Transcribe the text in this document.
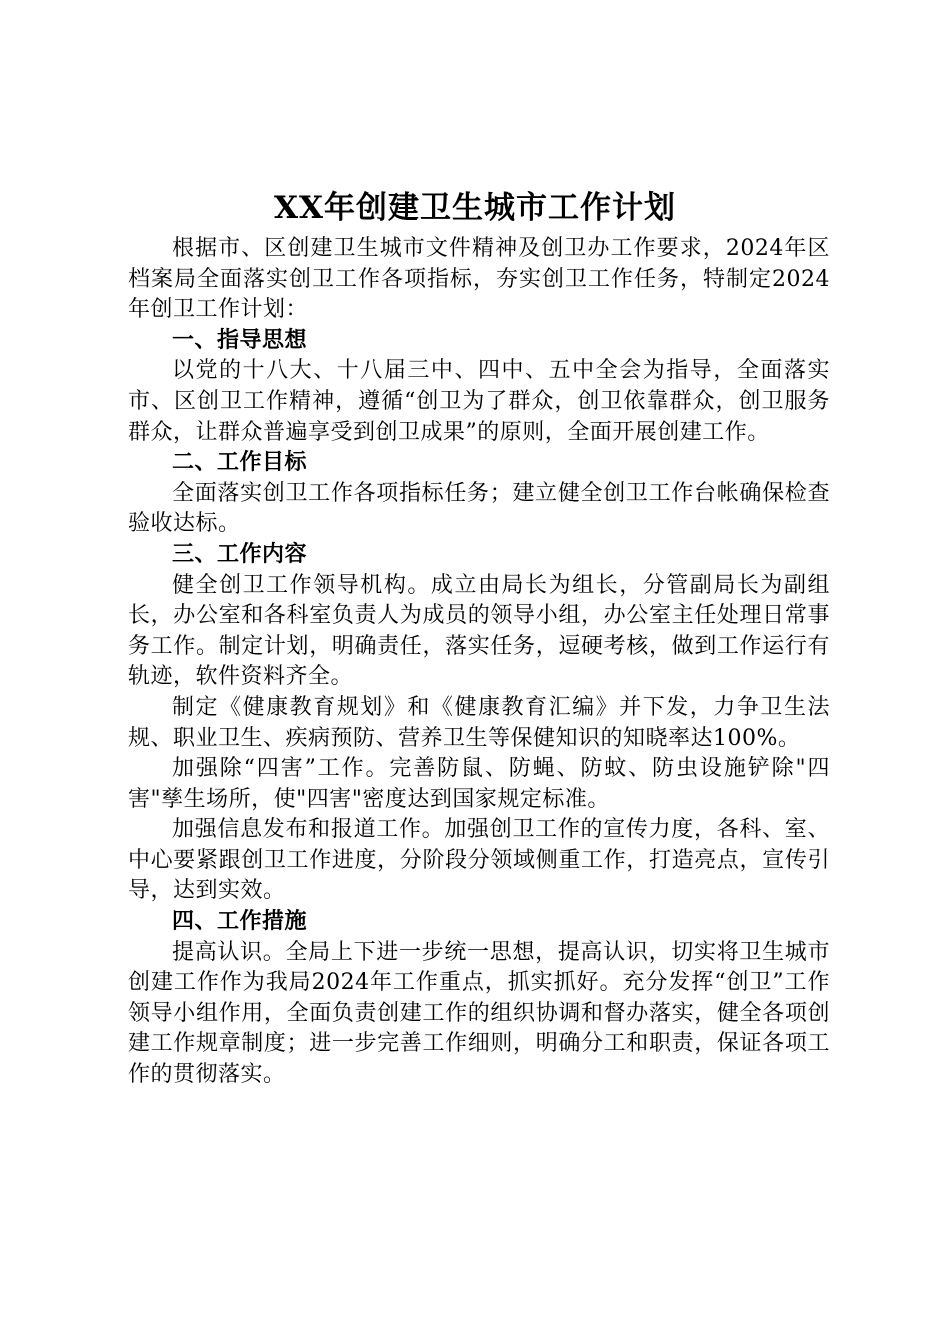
XX年创建卫生城市工作计划

根据市、区创建卫生城市文件精神及创卫办工作要求，2024年区档案局全面落实创卫工作各项指标，夯实创卫工作任务，特制定2024年创卫工作计划：

一、指导思想

以党的十八大、十八届三中、四中、五中全会为指导，全面落实市、区创卫工作精神，遵循“创卫为了群众，创卫依靠群众，创卫服务群众，让群众普遍享受到创卫成果”的原则，全面开展创建工作。

二、工作目标

全面落实创卫工作各项指标任务；建立健全创卫工作台帐确保检查验收达标。

三、工作内容

健全创卫工作领导机构。成立由局长为组长，分管副局长为副组长，办公室和各科室负责人为成员的领导小组，办公室主任处理日常事务工作。制定计划，明确责任，落实任务，逗硬考核，做到工作运行有轨迹，软件资料齐全。

制定《健康教育规划》和《健康教育汇编》并下发，力争卫生法规、职业卫生、疾病预防、营养卫生等保健知识的知晓率达100%。

加强除“四害”工作。完善防鼠、防蝇、防蚊、防虫设施铲除"四害"孳生场所，使"四害"密度达到国家规定标准。

加强信息发布和报道工作。加强创卫工作的宣传力度，各科、室、中心要紧跟创卫工作进度，分阶段分领域侧重工作，打造亮点，宣传引导，达到实效。

四、工作措施

提高认识。全局上下进一步统一思想，提高认识，切实将卫生城市创建工作作为我局2024年工作重点，抓实抓好。充分发挥“创卫”工作领导小组作用，全面负责创建工作的组织协调和督办落实，健全各项创建工作规章制度；进一步完善工作细则，明确分工和职责，保证各项工作的贯彻落实。
